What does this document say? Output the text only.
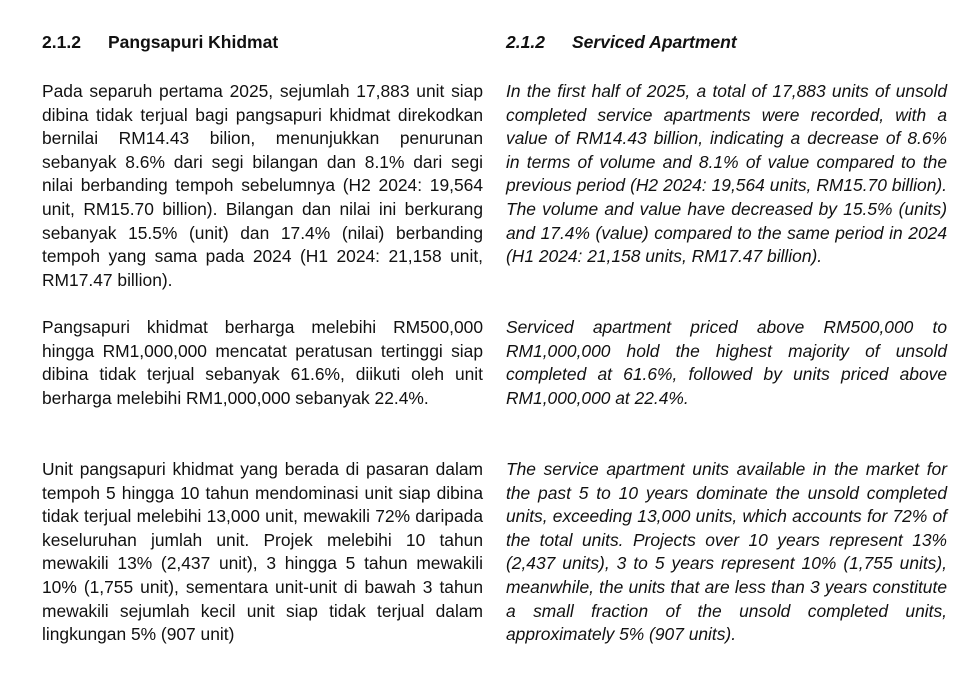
2.1.2 Pangsapuri Khidmat

Pada separuh pertama 2025, sejumlah 17,883 unit siap dibina tidak terjual bagi pangsapuri khidmat direkodkan bernilai RM14.43 bilion, menunjukkan penurunan sebanyak 8.6% dari segi bilangan dan 8.1% dari segi nilai berbanding tempoh sebelumnya (H2 2024: 19,564 unit, RM15.70 billion). Bilangan dan nilai ini berkurang sebanyak 15.5% (unit) dan 17.4% (nilai) berbanding tempoh yang sama pada 2024 (H1 2024: 21,158 unit, RM17.47 billion).

Pangsapuri khidmat berharga melebihi RM500,000 hingga RM1,000,000 mencatat peratusan tertinggi siap dibina tidak terjual sebanyak 61.6%, diikuti oleh unit berharga melebihi RM1,000,000 sebanyak 22.4%.

Unit pangsapuri khidmat yang berada di pasaran dalam tempoh 5 hingga 10 tahun mendominasi unit siap dibina tidak terjual melebihi 13,000 unit, mewakili 72% daripada keseluruhan jumlah unit. Projek melebihi 10 tahun mewakili 13% (2,437 unit), 3 hingga 5 tahun mewakili 10% (1,755 unit), sementara unit-unit di bawah 3 tahun mewakili sejumlah kecil unit siap tidak terjual dalam lingkungan 5% (907 unit)

2.1.2 Serviced Apartment

In the first half of 2025, a total of 17,883 units of unsold completed service apartments were recorded, with a value of RM14.43 billion, indicating a decrease of 8.6% in terms of volume and 8.1% of value compared to the previous period (H2 2024: 19,564 units, RM15.70 billion). The volume and value have decreased by 15.5% (units) and 17.4% (value) compared to the same period in 2024 (H1 2024: 21,158 units, RM17.47 billion).

Serviced apartment priced above RM500,000 to RM1,000,000 hold the highest majority of unsold completed at 61.6%, followed by units priced above RM1,000,000 at 22.4%.

The service apartment units available in the market for the past 5 to 10 years dominate the unsold completed units, exceeding 13,000 units, which accounts for 72% of the total units. Projects over 10 years represent 13% (2,437 units), 3 to 5 years represent 10% (1,755 units), meanwhile, the units that are less than 3 years constitute a small fraction of the unsold completed units, approximately 5% (907 units).
